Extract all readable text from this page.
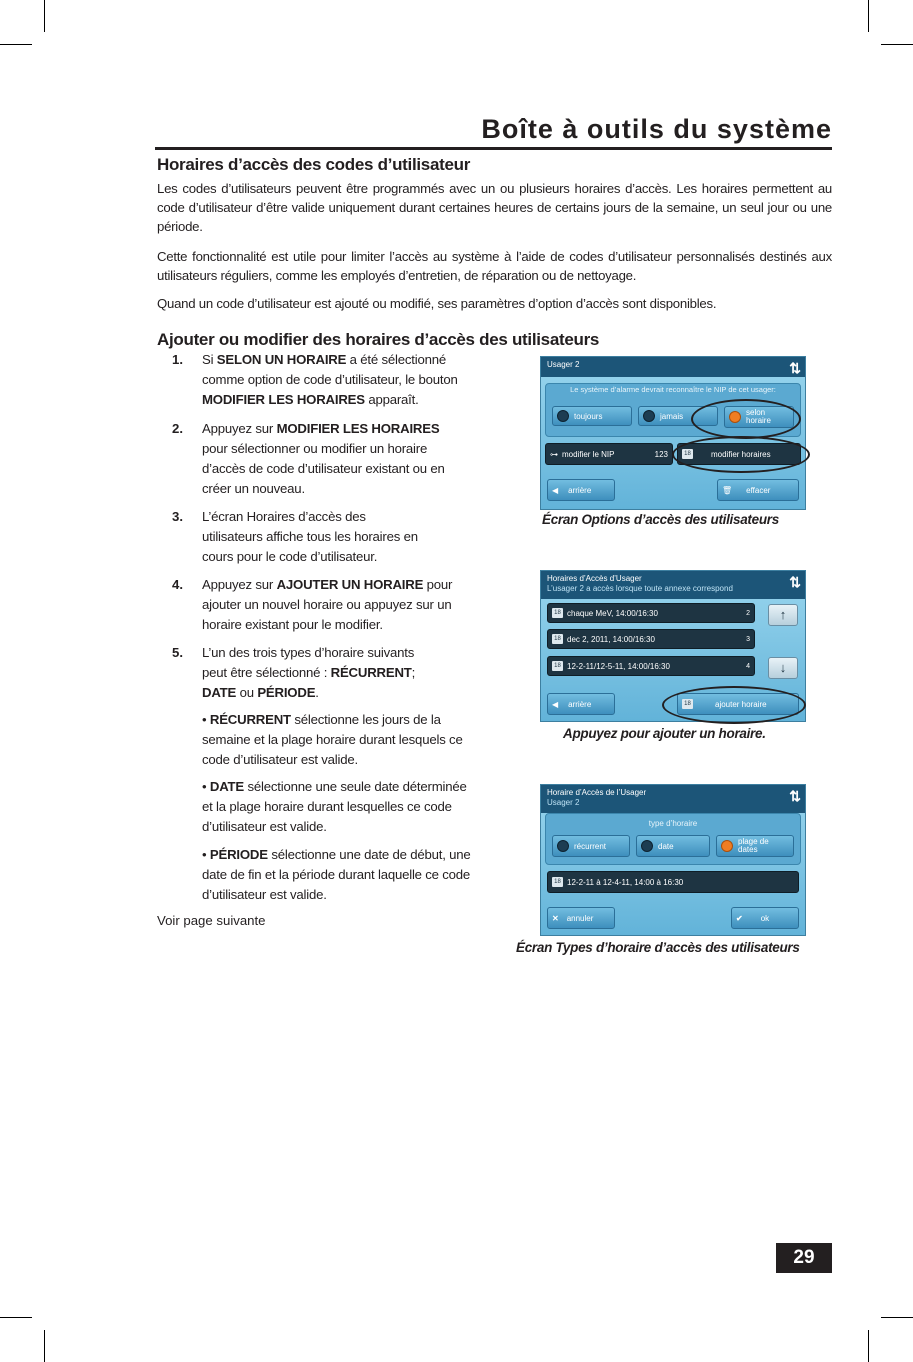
Boîte à outils du système
Horaires d’accès des codes d’utilisateur
Les codes d’utilisateurs peuvent être programmés avec un ou plusieurs horaires d’accès. Les horaires permettent au code d’utilisateur d’être valide uniquement durant certaines heures de certains jours de la semaine, un seul jour ou une période.
Cette fonctionnalité est utile pour limiter l’accès au système à l’aide de codes d’utilisateur personnalisés destinés aux utilisateurs réguliers, comme les employés d’entretien, de réparation ou de nettoyage.
Quand un code d’utilisateur est ajouté ou modifié, ses paramètres d’option d’accès sont disponibles.
Ajouter ou modifier des horaires d’accès des utilisateurs
1. Si SELON UN HORAIRE a été sélectionné comme option de code d’utilisateur, le bouton MODIFIER LES HORAIRES apparaît.
2. Appuyez sur MODIFIER LES HORAIRES pour sélectionner ou modifier un horaire d’accès de code d’utilisateur existant ou en créer un nouveau.
3. L’écran Horaires d’accès des utilisateurs affiche tous les horaires en cours pour le code d’utilisateur.
4. Appuyez sur AJOUTER UN HORAIRE pour ajouter un nouvel horaire ou appuyez sur un horaire existant pour le modifier.
5. L’un des trois types d’horaire suivants peut être sélectionné : RÉCURRENT; DATE ou PÉRIODE.
• RÉCURRENT sélectionne les jours de la semaine et la plage horaire durant lesquels ce code d’utilisateur est valide.
• DATE sélectionne une seule date déterminée et la plage horaire durant lesquelles ce code d’utilisateur est valide.
• PÉRIODE sélectionne une date de début, une date de fin et la période durant laquelle ce code d’utilisateur est valide.
Voir page suivante
Usager 2	⇅
Le système d’alarme devrait reconnaître le NIP de cet usager:
toujours	jamais	selon horaire
⊶ modifier le NIP	123	18	modifier horaires
◀ arrière	🗑 effacer
Écran Options d’accès des utilisateurs
Horaires d’Accès d’Usager
L’usager 2 a accès lorsque toute annexe correspond	⇅
18 chaque MeV, 14:00/16:30	2
18 dec 2, 2011, 14:00/16:30	3
18 12-2-11/12-5-11, 14:00/16:30	4
↑
↓
◀ arrière	18	ajouter horaire
Appuyez pour ajouter un horaire.
Horaire d’Accès de l’Usager
Usager 2	⇅
type d’horaire
récurrent	date	plage de dates
18 12-2-11 à 12-4-11, 14:00 à 16:30
✕ annuler	✔ ok
Écran Types d’horaire d’accès des utilisateurs
29
